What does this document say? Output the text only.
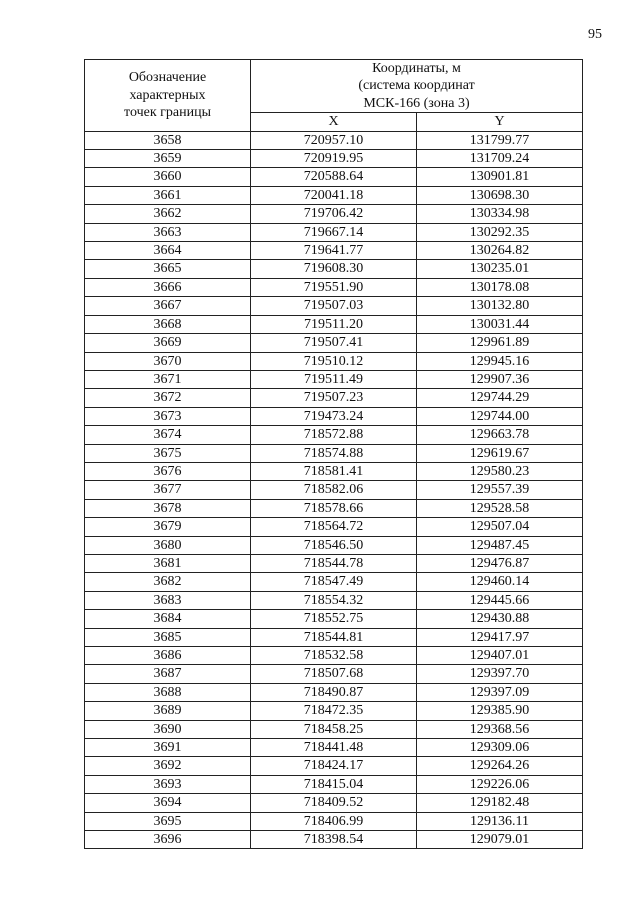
95
Обозначение
характерных
точек границы	Координаты, м
(система координат
МСК-166 (зона 3)	

	X	Y
3658	720957.10	131799.77
3659	720919.95	131709.24
3660	720588.64	130901.81
3661	720041.18	130698.30
3662	719706.42	130334.98
3663	719667.14	130292.35
3664	719641.77	130264.82
3665	719608.30	130235.01
3666	719551.90	130178.08
3667	719507.03	130132.80
3668	719511.20	130031.44
3669	719507.41	129961.89
3670	719510.12	129945.16
3671	719511.49	129907.36
3672	719507.23	129744.29
3673	719473.24	129744.00
3674	718572.88	129663.78
3675	718574.88	129619.67
3676	718581.41	129580.23
3677	718582.06	129557.39
3678	718578.66	129528.58
3679	718564.72	129507.04
3680	718546.50	129487.45
3681	718544.78	129476.87
3682	718547.49	129460.14
3683	718554.32	129445.66
3684	718552.75	129430.88
3685	718544.81	129417.97
3686	718532.58	129407.01
3687	718507.68	129397.70
3688	718490.87	129397.09
3689	718472.35	129385.90
3690	718458.25	129368.56
3691	718441.48	129309.06
3692	718424.17	129264.26
3693	718415.04	129226.06
3694	718409.52	129182.48
3695	718406.99	129136.11
3696	718398.54	129079.01
